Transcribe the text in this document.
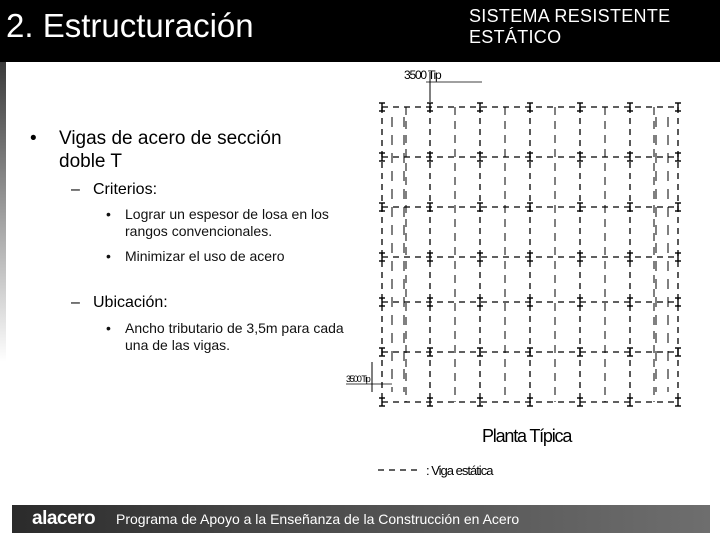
2. Estructuración	SISTEMA RESISTENTE
ESTÁTICO
• Vigas de acero de sección doble T
– Criterios:
• Lograr un espesor de losa en los rangos convencionales.
• Minimizar el uso de acero
– Ubicación:
• Ancho tributario de 3,5m para cada una de las vigas.
3500 Tip
3500 Tip
Planta Típica
: Viga estática
alacero Programa de Apoyo a la Enseñanza de la Construcción en Acero
